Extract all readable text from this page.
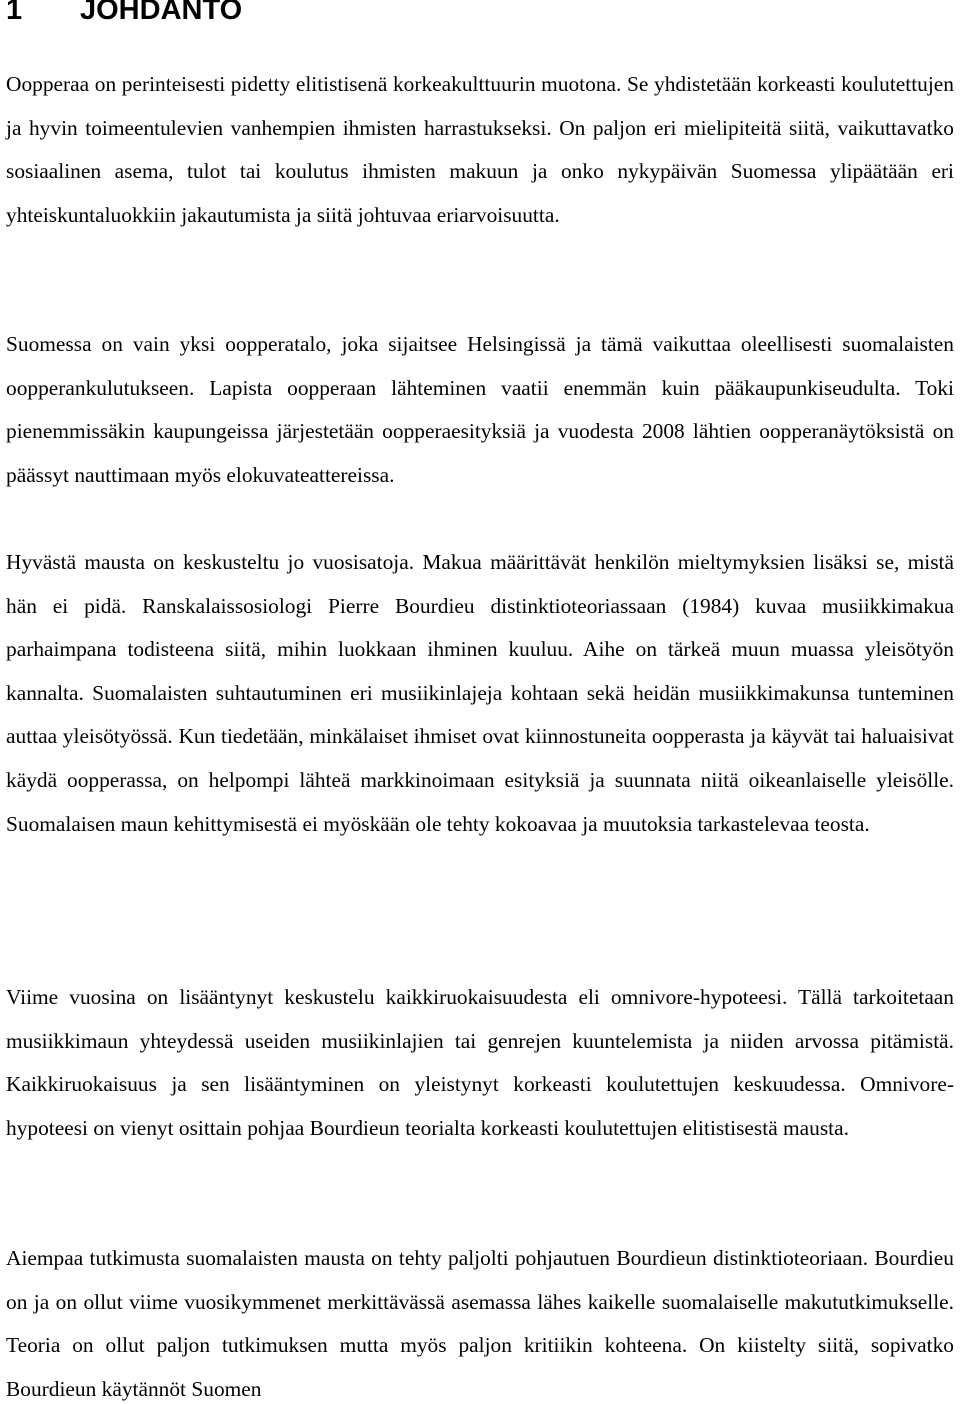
1 JOHDANTO

Oopperaa on perinteisesti pidetty elitistisenä korkeakulttuurin muotona. Se yhdistetään korkeasti koulutettujen ja hyvin toimeentulevien vanhempien ihmisten harrastukseksi. On paljon eri mielipiteitä siitä, vaikuttavatko sosiaalinen asema, tulot tai koulutus ihmisten makuun ja onko nykypäivän Suomessa ylipäätään eri yhteiskuntaluokkiin jakautumista ja siitä johtuvaa eriarvoisuutta.

Suomessa on vain yksi oopperatalo, joka sijaitsee Helsingissä ja tämä vaikuttaa oleellisesti suomalaisten oopperankulutukseen. Lapista oopperaan lähteminen vaatii enemmän kuin pääkaupunkiseudulta. Toki pienemmissäkin kaupungeissa järjestetään oopperaesityksiä ja vuodesta 2008 lähtien oopperanäytöksistä on päässyt nauttimaan myös elokuvateattereissa.

Hyvästä mausta on keskusteltu jo vuosisatoja. Makua määrittävät henkilön mieltymyksien lisäksi se, mistä hän ei pidä. Ranskalaissosiologi Pierre Bourdieu distinktioteoriassaan (1984) kuvaa musiikkimakua parhaimpana todisteena siitä, mihin luokkaan ihminen kuuluu. Aihe on tärkeä muun muassa yleisötyön kannalta. Suomalaisten suhtautuminen eri musiikinlajeja kohtaan sekä heidän musiikkimakunsa tunteminen auttaa yleisötyössä. Kun tiedetään, minkälaiset ihmiset ovat kiinnostuneita oopperasta ja käyvät tai haluaisivat käydä oopperassa, on helpompi lähteä markkinoimaan esityksiä ja suunnata niitä oikeanlaiselle yleisölle. Suomalaisen maun kehittymisestä ei myöskään ole tehty kokoavaa ja muutoksia tarkastelevaa teosta.

Viime vuosina on lisääntynyt keskustelu kaikkiruokaisuudesta eli omnivore-hypoteesi. Tällä tarkoitetaan musiikkimaun yhteydessä useiden musiikinlajien tai genrejen kuuntelemista ja niiden arvossa pitämistä. Kaikkiruokaisuus ja sen lisääntyminen on yleistynyt korkeasti koulutettujen keskuudessa. Omnivore-hypoteesi on vienyt osittain pohjaa Bourdieun teorialta korkeasti koulutettujen elitistisestä mausta.

Aiempaa tutkimusta suomalaisten mausta on tehty paljolti pohjautuen Bourdieun distinktioteoriaan. Bourdieu on ja on ollut viime vuosikymmenet merkittävässä asemassa lähes kaikelle suomalaiselle makututkimukselle. Teoria on ollut paljon tutkimuksen mutta myös paljon kritiikin kohteena. On kiistelty siitä, sopivatko Bourdieun käytännöt Suomen
